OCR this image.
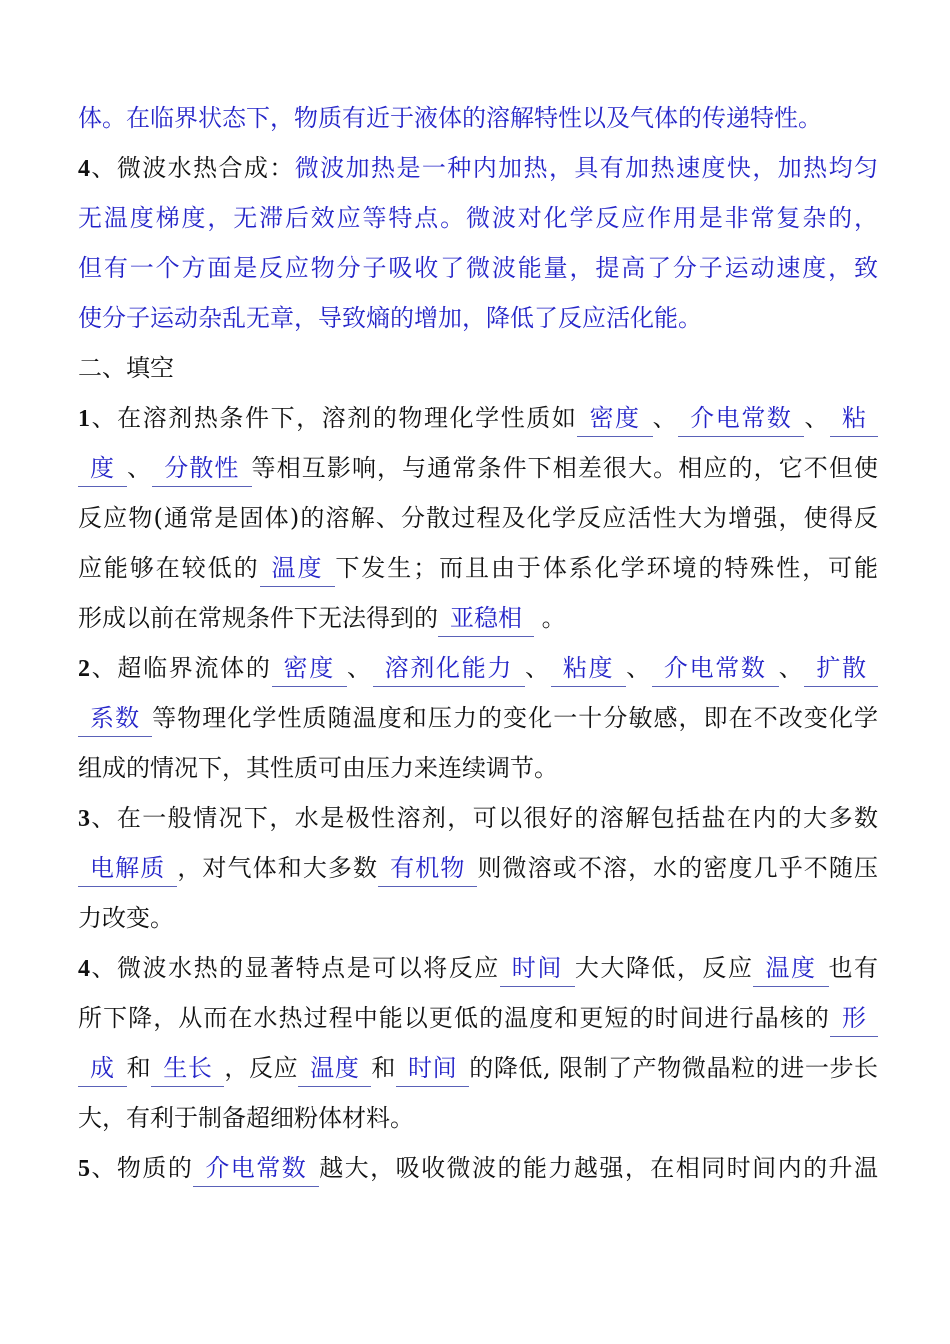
体。在临界状态下，物质有近于液体的溶解特性以及气体的传递特性。
4、微波水热合成：微波加热是一种内加热，具有加热速度快，加热均匀
无温度梯度，无滞后效应等特点。微波对化学反应作用是非常复杂的，
但有一个方面是反应物分子吸收了微波能量，提高了分子运动速度，致
使分子运动杂乱无章，导致熵的增加，降低了反应活化能。
二、填空
1、在溶剂热条件下，溶剂的物理化学性质如 密度 、 介电常数 、 粘
度 、 分散性 等相互影响，与通常条件下相差很大。相应的，它不但使
反应物(通常是固体)的溶解、分散过程及化学反应活性大为增强，使得反
应能够在较低的 温度 下发生；而且由于体系化学环境的特殊性，可能
形成以前在常规条件下无法得到的 亚稳相 。
2、超临界流体的 密度 、 溶剂化能力 、 粘度 、 介电常数 、 扩散
系数 等物理化学性质随温度和压力的变化一十分敏感，即在不改变化学
组成的情况下，其性质可由压力来连续调节。
3、在一般情况下，水是极性溶剂，可以很好的溶解包括盐在内的大多数
电解质 ，对气体和大多数 有机物 则微溶或不溶，水的密度几乎不随压
力改变。
4、微波水热的显著特点是可以将反应 时间 大大降低，反应 温度 也有
所下降，从而在水热过程中能以更低的温度和更短的时间进行晶核的 形
成 和 生长 ，反应 温度 和 时间 的降低, 限制了产物微晶粒的进一步长
大，有利于制备超细粉体材料。
5、物质的 介电常数 越大，吸收微波的能力越强，在相同时间内的升温
